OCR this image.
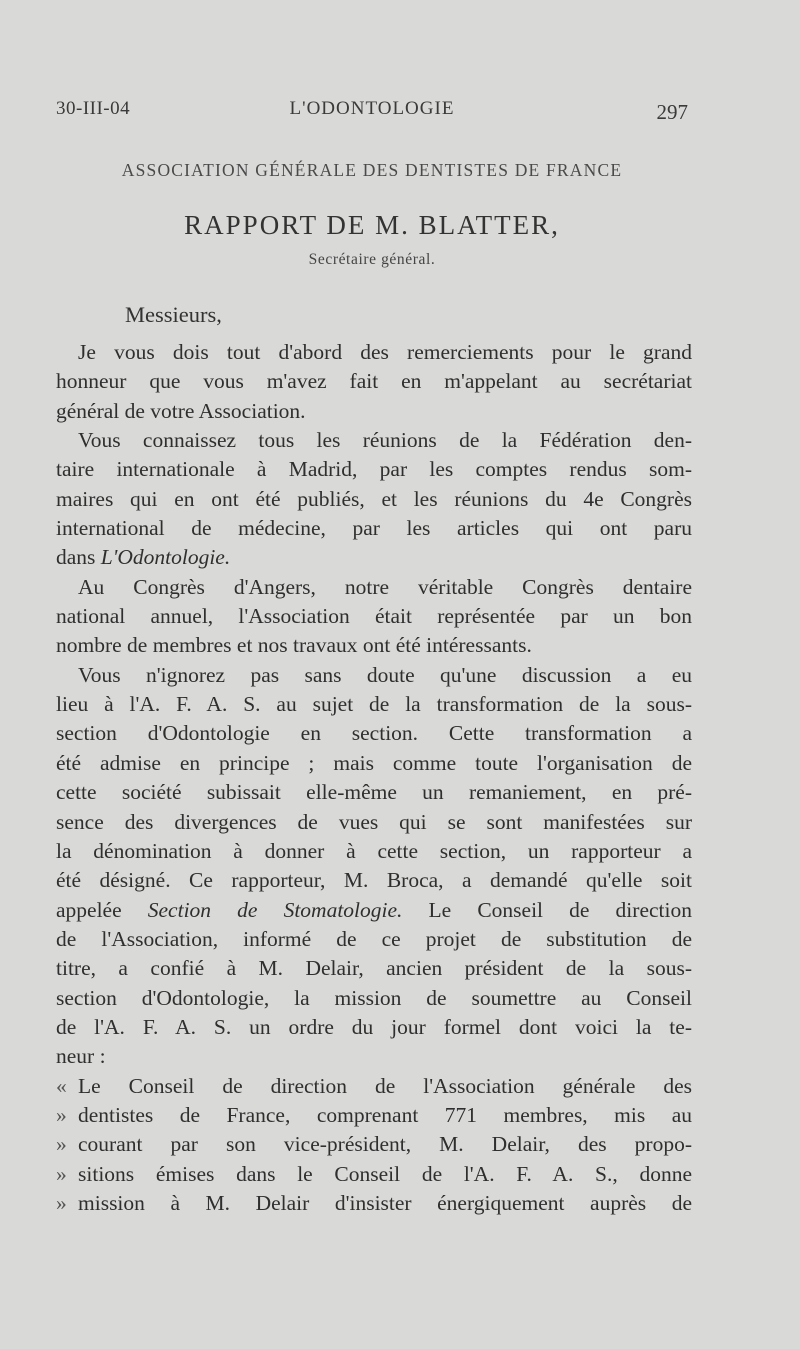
30-III-04	L'ODONTOLOGIE	297
ASSOCIATION GÉNÉRALE DES DENTISTES DE FRANCE
RAPPORT DE M. BLATTER,
Secrétaire général.
Messieurs,
Je vous dois tout d'abord des remerciements pour le grand
honneur que vous m'avez fait en m'appelant au secrétariat
général de votre Association.
Vous connaissez tous les réunions de la Fédération den-
taire internationale à Madrid, par les comptes rendus som-
maires qui en ont été publiés, et les réunions du 4e Congrès
international de médecine, par les articles qui ont paru
dans L'Odontologie.
Au Congrès d'Angers, notre véritable Congrès dentaire
national annuel, l'Association était représentée par un bon
nombre de membres et nos travaux ont été intéressants.
Vous n'ignorez pas sans doute qu'une discussion a eu
lieu à l'A. F. A. S. au sujet de la transformation de la sous-
section d'Odontologie en section. Cette transformation a
été admise en principe ; mais comme toute l'organisation de
cette société subissait elle-même un remaniement, en pré-
sence des divergences de vues qui se sont manifestées sur
la dénomination à donner à cette section, un rapporteur a
été désigné. Ce rapporteur, M. Broca, a demandé qu'elle soit
appelée Section de Stomatologie. Le Conseil de direction
de l'Association, informé de ce projet de substitution de
titre, a confié à M. Delair, ancien président de la sous-
section d'Odontologie, la mission de soumettre au Conseil
de l'A. F. A. S. un ordre du jour formel dont voici la te-
neur :
« Le Conseil de direction de l'Association générale des
» dentistes de France, comprenant 771 membres, mis au
» courant par son vice-président, M. Delair, des propo-
» sitions émises dans le Conseil de l'A. F. A. S., donne
» mission à M. Delair d'insister énergiquement auprès de
